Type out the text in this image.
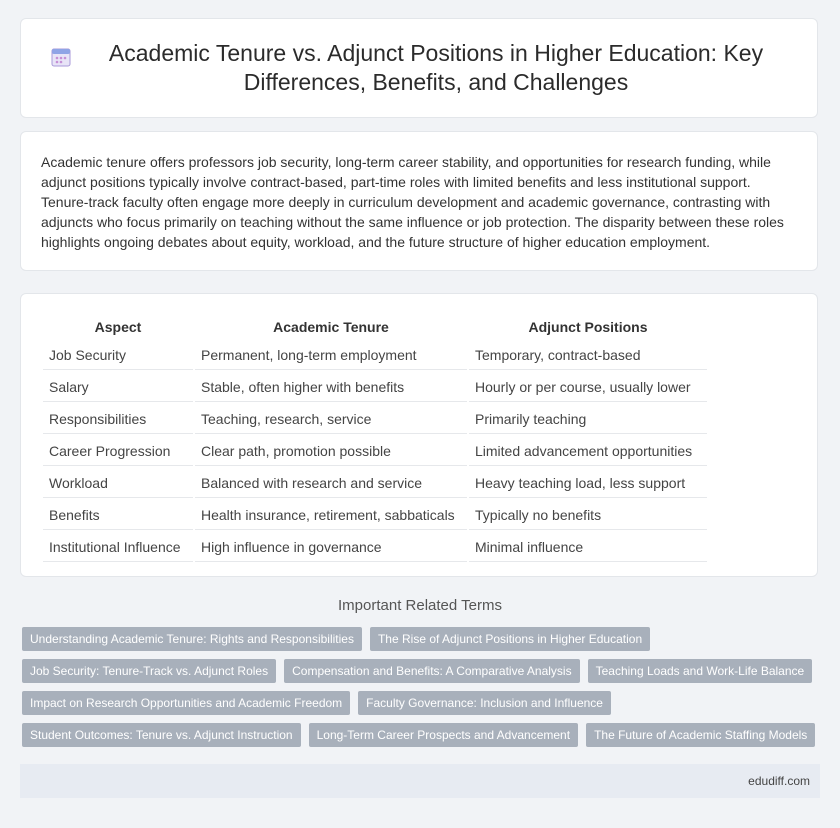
Academic Tenure vs. Adjunct Positions in Higher Education: Key Differences, Benefits, and Challenges

Academic tenure offers professors job security, long-term career stability, and opportunities for research funding, while adjunct positions typically involve contract-based, part-time roles with limited benefits and less institutional support. Tenure-track faculty often engage more deeply in curriculum development and academic governance, contrasting with adjuncts who focus primarily on teaching without the same influence or job protection. The disparity between these roles highlights ongoing debates about equity, workload, and the future structure of higher education employment.

Aspect	Academic Tenure	Adjunct Positions
Job Security	Permanent, long-term employment	Temporary, contract-based
Salary	Stable, often higher with benefits	Hourly or per course, usually lower
Responsibilities	Teaching, research, service	Primarily teaching
Career Progression	Clear path, promotion possible	Limited advancement opportunities
Workload	Balanced with research and service	Heavy teaching load, less support
Benefits	Health insurance, retirement, sabbaticals	Typically no benefits
Institutional Influence	High influence in governance	Minimal influence
Important Related Terms
Understanding Academic Tenure: Rights and Responsibilities	The Rise of Adjunct Positions in Higher Education
Job Security: Tenure-Track vs. Adjunct Roles	Compensation and Benefits: A Comparative Analysis	Teaching Loads and Work-Life Balance
Impact on Research Opportunities and Academic Freedom	Faculty Governance: Inclusion and Influence
Student Outcomes: Tenure vs. Adjunct Instruction	Long-Term Career Prospects and Advancement	The Future of Academic Staffing Models
edudiff.com
